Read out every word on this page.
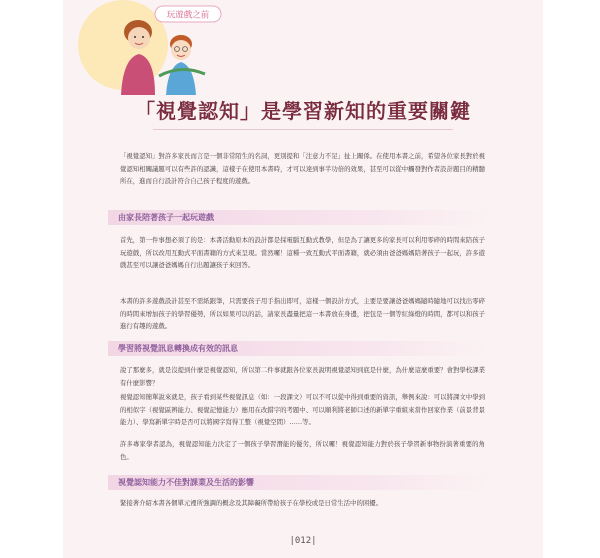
玩遊戲之前
「視覺認知」是學習新知的重要關鍵

「視覺認知」對許多家長而言是一個非常陌生的名詞，更別提和「注意力不足」扯上關係。在使用本書之前，希望各位家長對於視覺認知相關議題可以有些許的認識，這樣子在使用本書時，才可以達到事半功倍的效果，甚至可以從中觸發對作者設計題目的精髓所在，進而自行設計符合自己孩子程度的遊戲。

由家長陪著孩子一起玩遊戲

首先，第一件事想必須了的是：本書活動原本的設計都是採電腦互動式教學，但是為了讓更多的家長可以利用零碎的時間來陪孩子玩遊戲，所以改用互動式平面書籍的方式來呈現。當然囉！這種一致互動式平面書籍，就必須由爸爸媽媽陪著孩子一起玩，許多遊戲甚至可以讓爸爸媽媽自行出題讓孩子來回答。

本書的許多遊戲設計甚至不需紙跟筆，只需要孩子用手指出即可，這樣一個設計方式，主要是要讓爸爸媽媽隨時隨地可以找出零碎的時間來增加孩子的學習優勢，所以如果可以的話，請家長盡量把這一本書放在身邊，把包是一個等紅綠燈的時間，都可以和孩子進行有趣的遊戲。

學習將視覺訊息轉換成有效的訊息

說了那麼多，就是沒提到什麼是視覺認知，所以第二件事就跟各位家長說明視覺認知到底是什麼，為什麼這麼重要？會對學校課業有什麼影響？

視覺認知簡單說來就是，孩子看到某些視覺訊息（如：一段課文）可以不可以從中得到重要的資訊，舉例來說：可以將課文中學到的相似字（視覺區辨能力、視覺記憶能力）應用在改錯字的考題中、可以順利將老師口述的新單字重組來當作回家作業（前景背景能力）、學寫新單字時是否可以將國字寫得工整（視覺空間）……等。

許多專家學者認為，視覺認知能力決定了一個孩子學習潛能的優劣，所以囉！視覺認知能力對於孩子學習新事物扮演著重要的角色。

視覺認知能力不佳對課業及生活的影響

緊接著介紹本書各個單元裡所強調的概念及其障礙所帶給孩子在學校或是日常生活中的困擾。

|012|
